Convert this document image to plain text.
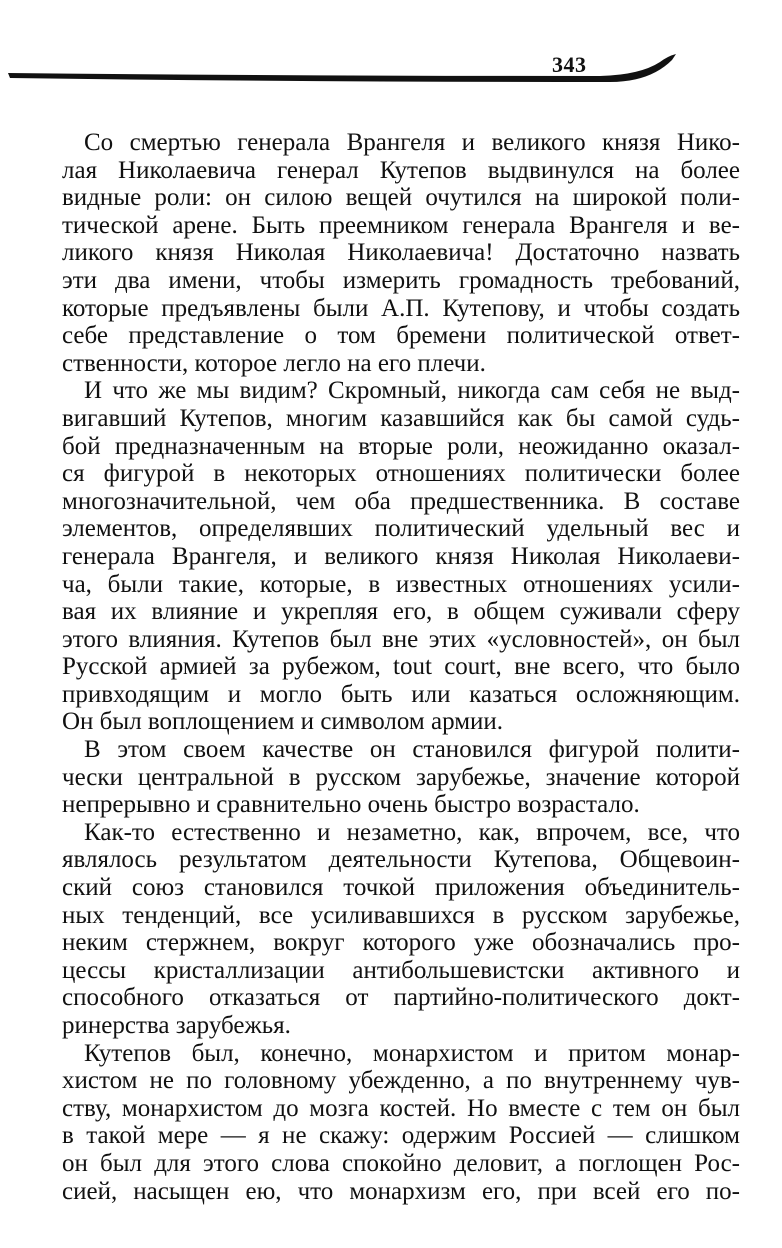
343
Со смертью генерала Врангеля и великого князя Нико-
лая Николаевича генерал Кутепов выдвинулся на более
видные роли: он силою вещей очутился на широкой поли-
тической арене. Быть преемником генерала Врангеля и ве-
ликого князя Николая Николаевича! Достаточно назвать
эти два имени, чтобы измерить громадность требований,
которые предъявлены были А.П. Кутепову, и чтобы создать
себе представление о том бремени политической ответ-
ственности, которое легло на его плечи.
И что же мы видим? Скромный, никогда сам себя не выд-
вигавший Кутепов, многим казавшийся как бы самой судь-
бой предназначенным на вторые роли, неожиданно оказал-
ся фигурой в некоторых отношениях политически более
многозначительной, чем оба предшественника. В составе
элементов, определявших политический удельный вес и
генерала Врангеля, и великого князя Николая Николаеви-
ча, были такие, которые, в известных отношениях усили-
вая их влияние и укрепляя его, в общем суживали сферу
этого влияния. Кутепов был вне этих «условностей», он был
Русской армией за рубежом, tout court, вне всего, что было
привходящим и могло быть или казаться осложняющим.
Он был воплощением и символом армии.
В этом своем качестве он становился фигурой полити-
чески центральной в русском зарубежье, значение которой
непрерывно и сравнительно очень быстро возрастало.
Как-то естественно и незаметно, как, впрочем, все, что
являлось результатом деятельности Кутепова, Общевоин-
ский союз становился точкой приложения объединитель-
ных тенденций, все усиливавшихся в русском зарубежье,
неким стержнем, вокруг которого уже обозначались про-
цессы кристаллизации антибольшевистски активного и
способного отказаться от партийно-политического докт-
ринерства зарубежья.
Кутепов был, конечно, монархистом и притом монар-
хистом не по головному убежденно, а по внутреннему чув-
ству, монархистом до мозга костей. Но вместе с тем он был
в такой мере — я не скажу: одержим Россией — слишком
он был для этого слова спокойно деловит, а поглощен Рос-
сией, насыщен ею, что монархизм его, при всей его по-
